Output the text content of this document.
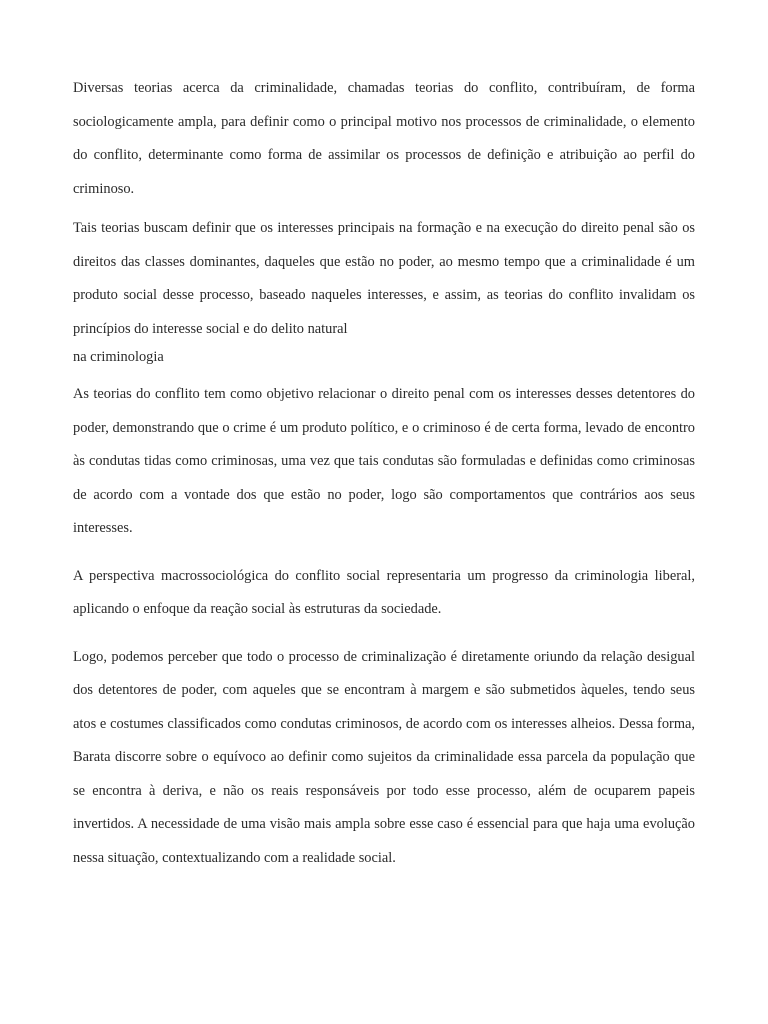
Diversas teorias acerca da criminalidade, chamadas teorias do conflito, contribuíram, de forma sociologicamente ampla, para definir como o principal motivo nos processos de criminalidade, o elemento do conflito, determinante como forma de assimilar os processos de definição e atribuição ao perfil do criminoso.

Tais teorias buscam definir que os interesses principais na formação e na execução do direito penal são os direitos das classes dominantes, daqueles que estão no poder, ao mesmo tempo que a criminalidade é um produto social desse processo, baseado naqueles interesses, e assim, as teorias do conflito invalidam os princípios do interesse social e do delito natural
na criminologia

As teorias do conflito tem como objetivo relacionar o direito penal com os interesses desses detentores do poder, demonstrando que o crime é um produto político, e o criminoso é de certa forma, levado de encontro às condutas tidas como criminosas, uma vez que tais condutas são formuladas e definidas como criminosas de acordo com a vontade dos que estão no poder, logo são comportamentos que contrários aos seus interesses.

A perspectiva macrossociológica do conflito social representaria um progresso da criminologia liberal, aplicando o enfoque da reação social às estruturas da sociedade.

Logo, podemos perceber que todo o processo de criminalização é diretamente oriundo da relação desigual dos detentores de poder, com aqueles que se encontram à margem e são submetidos àqueles, tendo seus atos e costumes classificados como condutas criminosos, de acordo com os interesses alheios. Dessa forma, Barata discorre sobre o equívoco ao definir como sujeitos da criminalidade essa parcela da população que se encontra à deriva, e não os reais responsáveis por todo esse processo, além de ocuparem papeis invertidos. A necessidade de uma visão mais ampla sobre esse caso é essencial para que haja uma evolução nessa situação, contextualizando com a realidade social.
